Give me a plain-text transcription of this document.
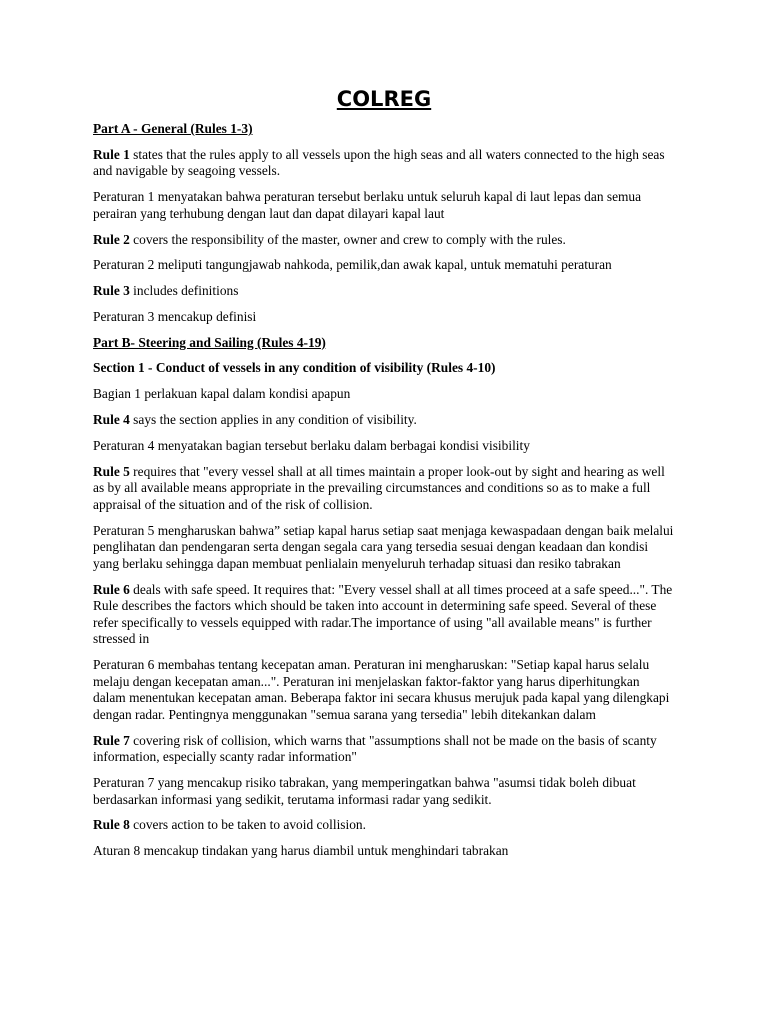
COLREG

Part A - General (Rules 1-3)

Rule 1 states that the rules apply to all vessels upon the high seas and all waters connected to the high seas and navigable by seagoing vessels.

Peraturan 1 menyatakan bahwa peraturan tersebut berlaku untuk seluruh kapal di laut lepas dan semua perairan yang terhubung dengan laut dan dapat dilayari kapal laut

Rule 2 covers the responsibility of the master, owner and crew to comply with the rules.

Peraturan 2 meliputi tangungjawab nahkoda, pemilik,dan awak kapal, untuk mematuhi peraturan

Rule 3 includes definitions

Peraturan 3 mencakup definisi

Part B- Steering and Sailing (Rules 4-19)

Section 1 - Conduct of vessels in any condition of visibility (Rules 4-10)

Bagian 1 perlakuan kapal dalam kondisi apapun

Rule 4 says the section applies in any condition of visibility.

Peraturan 4 menyatakan bagian tersebut berlaku dalam berbagai kondisi visibility

Rule 5 requires that "every vessel shall at all times maintain a proper look-out by sight and hearing as well as by all available means appropriate in the prevailing circumstances and conditions so as to make a full appraisal of the situation and of the risk of collision.

Peraturan 5 mengharuskan bahwa” setiap kapal harus setiap saat menjaga kewaspadaan dengan baik melalui penglihatan dan pendengaran serta dengan segala cara yang tersedia sesuai dengan keadaan dan kondisi yang berlaku sehingga dapan membuat penlialain menyeluruh terhadap situasi dan resiko tabrakan

Rule 6 deals with safe speed. It requires that: "Every vessel shall at all times proceed at a safe speed...". The Rule describes the factors which should be taken into account in determining safe speed. Several of these refer specifically to vessels equipped with radar.The importance of using "all available means" is further stressed in

Peraturan 6 membahas tentang kecepatan aman. Peraturan ini mengharuskan: "Setiap kapal harus selalu melaju dengan kecepatan aman...". Peraturan ini menjelaskan faktor-faktor yang harus diperhitungkan dalam menentukan kecepatan aman. Beberapa faktor ini secara khusus merujuk pada kapal yang dilengkapi dengan radar. Pentingnya menggunakan "semua sarana yang tersedia" lebih ditekankan dalam

Rule 7 covering risk of collision, which warns that "assumptions shall not be made on the basis of scanty information, especially scanty radar information"

Peraturan 7 yang mencakup risiko tabrakan, yang memperingatkan bahwa "asumsi tidak boleh dibuat berdasarkan informasi yang sedikit, terutama informasi radar yang sedikit.

Rule 8 covers action to be taken to avoid collision.

Aturan 8 mencakup tindakan yang harus diambil untuk menghindari tabrakan
